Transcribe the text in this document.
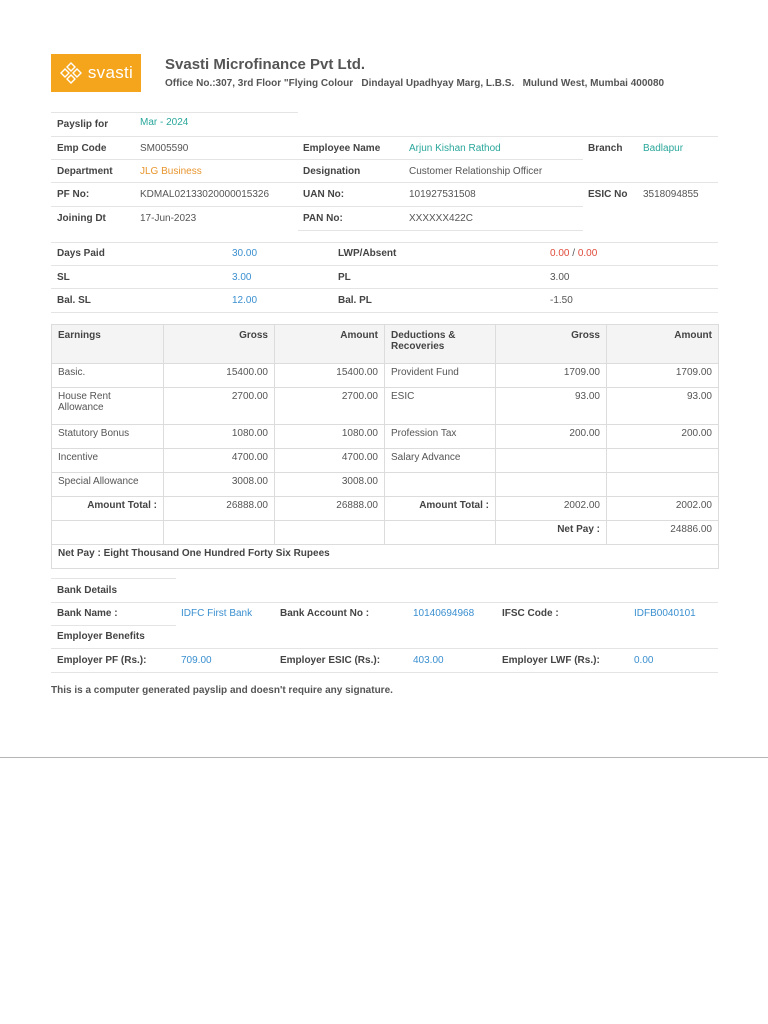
svasti Svasti Microfinance Pvt Ltd.
Office No.:307, 3rd Floor "Flying Colour   Dindayal Upadhyay Marg, L.B.S.   Mulund West, Mumbai 400080
Payslip for	Mar - 2024
Emp Code	SM005590	Employee Name	Arjun Kishan Rathod	Branch Badlapur
Department	JLG Business	Designation	Customer Relationship Officer
PF No:	KDMAL02133020000015326	UAN No:	101927531508	ESIC No 3518094855
Joining Dt	17-Jun-2023	PAN No:	XXXXXX422C
Days Paid	30.00	LWP/Absent	0.00 / 0.00
SL	3.00	PL	3.00
Bal. SL	12.00	Bal. PL	-1.50
Earnings	Gross	Amount	Deductions & Recoveries	Gross	Amount
Basic.	15400.00	15400.00	Provident Fund	1709.00	1709.00
House Rent Allowance	2700.00	2700.00	ESIC	93.00	93.00
Statutory Bonus	1080.00	1080.00	Profession Tax	200.00	200.00
Incentive	4700.00	4700.00	Salary Advance		
Special Allowance	3008.00	3008.00			
Amount Total :	26888.00	26888.00	Amount Total :	2002.00	2002.00
				Net Pay :	24886.00
Net Pay : Eight Thousand One Hundred Forty Six Rupees					
Bank Details
Bank Name :	IDFC First Bank	Bank Account No :	10140694968	IFSC Code :	IDFB0040101
Employer Benefits
Employer PF (Rs.):	709.00	Employer ESIC (Rs.):	403.00	Employer LWF (Rs.):	0.00
This is a computer generated payslip and doesn't require any signature.
